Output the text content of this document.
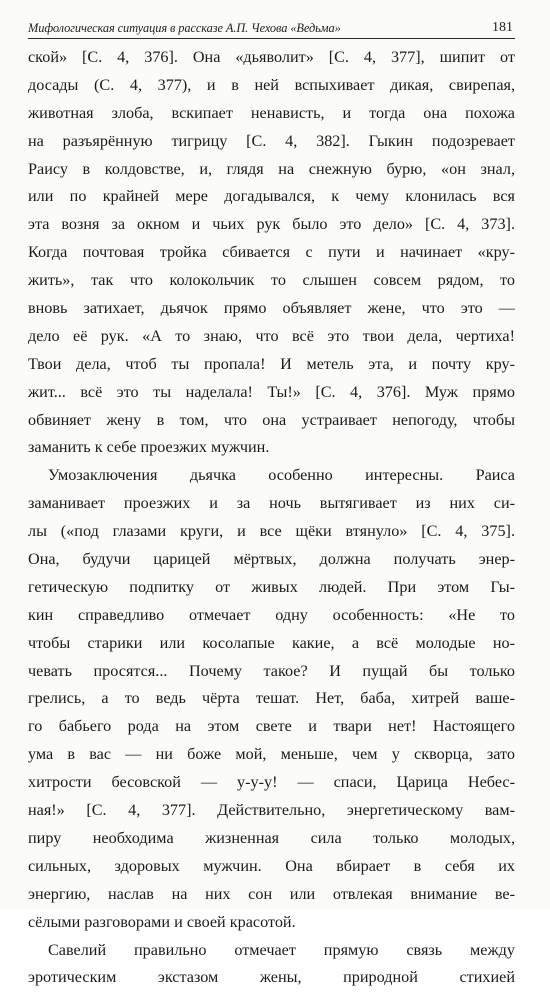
Мифологическая ситуация в рассказе А.П. Чехова «Ведьма»	181
ской» [С. 4, 376]. Она «дьяволит» [С. 4, 377], шипит от
досады (С. 4, 377), и в ней вспыхивает дикая, свирепая,
животная злоба, вскипает ненависть, и тогда она похожа
на разъярённую тигрицу [С. 4, 382]. Гыкин подозревает
Раису в колдовстве, и, глядя на снежную бурю, «он знал,
или по крайней мере догадывался, к чему клонилась вся
эта возня за окном и чьих рук было это дело» [С. 4, 373].
Когда почтовая тройка сбивается с пути и начинает «кру-
жить», так что колокольчик то слышен совсем рядом, то
вновь затихает, дьячок прямо объявляет жене, что это —
дело её рук. «А то знаю, что всё это твои дела, чертиха!
Твои дела, чтоб ты пропала! И метель эта, и почту кру-
жит... всё это ты наделала! Ты!» [С. 4, 376]. Муж прямо
обвиняет жену в том, что она устраивает непогоду, чтобы
заманить к себе проезжих мужчин.
Умозаключения дьячка особенно интересны. Раиса
заманивает проезжих и за ночь вытягивает из них си-
лы («под глазами круги, и все щёки втянуло» [С. 4, 375].
Она, будучи царицей мёртвых, должна получать энер-
гетическую подпитку от живых людей. При этом Гы-
кин справедливо отмечает одну особенность: «Не то
чтобы старики или косолапые какие, а всё молодые но-
чевать просятся... Почему такое? И пущай бы только
грелись, а то ведь чёрта тешат. Нет, баба, хитрей ваше-
го бабьего рода на этом свете и твари нет! Настоящего
ума в вас — ни боже мой, меньше, чем у скворца, зато
хитрости бесовской — у-у-у! — спаси, Царица Небес-
ная!» [С. 4, 377]. Действительно, энергетическому вам-
пиру необходима жизненная сила только молодых,
сильных, здоровых мужчин. Она вбирает в себя их
энергию, наслав на них сон или отвлекая внимание ве-
сёлыми разговорами и своей красотой.
Савелий правильно отмечает прямую связь между
эротическим экстазом жены, природной стихией
